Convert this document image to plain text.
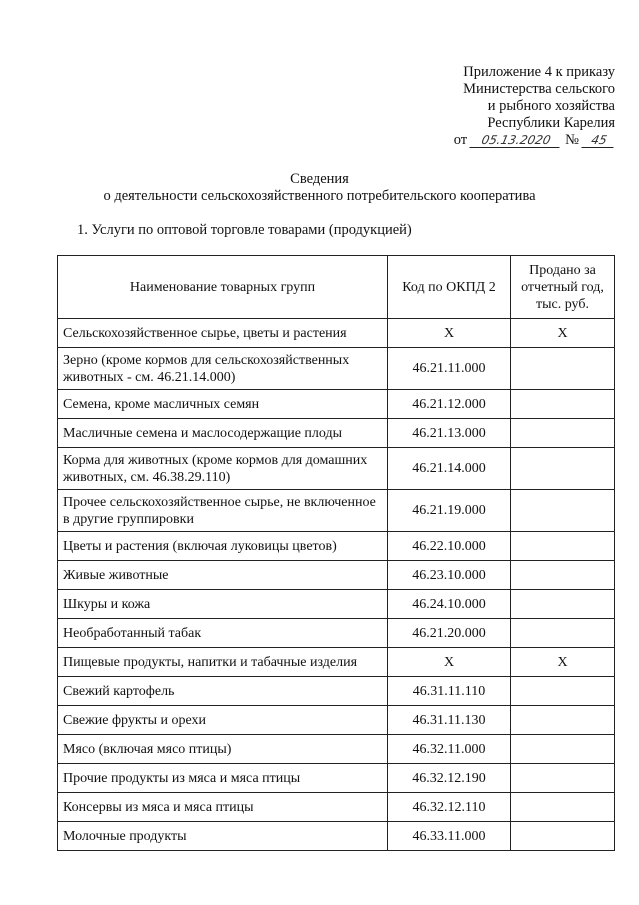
Приложение 4 к приказу
Министерства сельского
и рыбного хозяйства
Республики Карелия
от	05.13.2020 № 45
Сведения
о деятельности сельскохозяйственного потребительского кооператива
1. Услуги по оптовой торговле товарами (продукцией)
Наименование товарных групп	Код по ОКПД 2	Продано за отчетный год, тыс. руб.
Сельскохозяйственное сырье, цветы и растения	X	X
Зерно (кроме кормов для сельскохозяйственных животных - см. 46.21.14.000)	46.21.11.000	
Семена, кроме масличных семян	46.21.12.000	
Масличные семена и маслосодержащие плоды	46.21.13.000	
Корма для животных (кроме кормов для домашних животных, см. 46.38.29.110)	46.21.14.000	
Прочее сельскохозяйственное сырье, не включенное в другие группировки	46.21.19.000	
Цветы и растения (включая луковицы цветов)	46.22.10.000	
Живые животные	46.23.10.000	
Шкуры и кожа	46.24.10.000	
Необработанный табак	46.21.20.000	
Пищевые продукты, напитки и табачные изделия	X	X
Свежий картофель	46.31.11.110	
Свежие фрукты и орехи	46.31.11.130	
Мясо (включая мясо птицы)	46.32.11.000	
Прочие продукты из мяса и мяса птицы	46.32.12.190	
Консервы из мяса и мяса птицы	46.32.12.110	
Молочные продукты	46.33.11.000	
